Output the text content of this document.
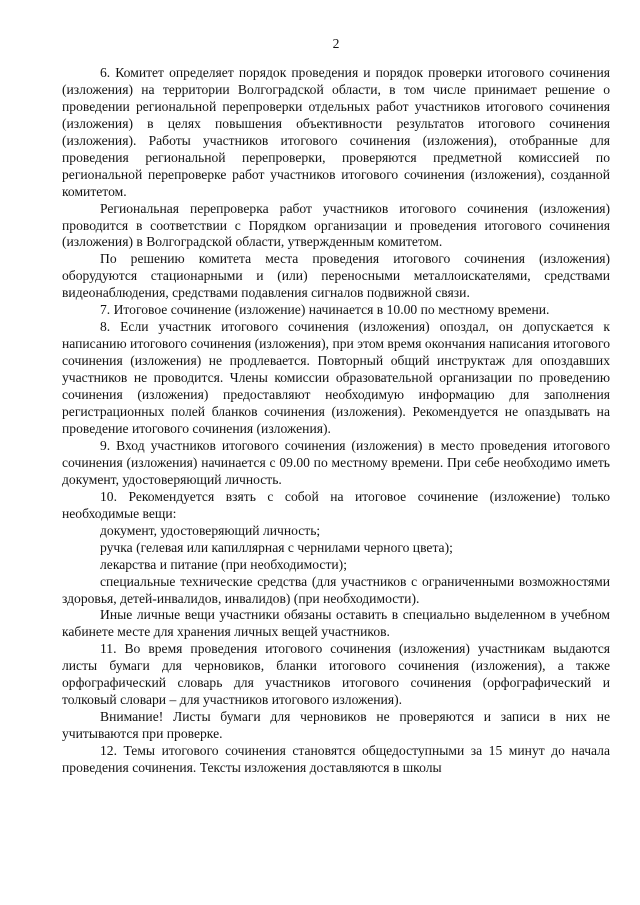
2

6. Комитет определяет порядок проведения и порядок проверки итогового сочинения (изложения) на территории Волгоградской области, в том числе принимает решение о проведении региональной перепроверки отдельных работ участников итогового сочинения (изложения) в целях повышения объективности результатов итогового сочинения (изложения). Работы участников итогового сочинения (изложения), отобранные для проведения региональной перепроверки, проверяются предметной комиссией по региональной перепроверке работ участников итогового сочинения (изложения), созданной комитетом.

Региональная перепроверка работ участников итогового сочинения (изложения) проводится в соответствии с Порядком организации и проведения итогового сочинения (изложения) в Волгоградской области, утвержденным комитетом.

По решению комитета места проведения итогового сочинения (изложения) оборудуются стационарными и (или) переносными металлоискателями, средствами видеонаблюдения, средствами подавления сигналов подвижной связи.

7. Итоговое сочинение (изложение) начинается в 10.00 по местному времени.

8. Если участник итогового сочинения (изложения) опоздал, он допускается к написанию итогового сочинения (изложения), при этом время окончания написания итогового сочинения (изложения) не продлевается. Повторный общий инструктаж для опоздавших участников не проводится. Члены комиссии образовательной организации по проведению сочинения (изложения) предоставляют необходимую информацию для заполнения регистрационных полей бланков сочинения (изложения). Рекомендуется не опаздывать на проведение итогового сочинения (изложения).

9. Вход участников итогового сочинения (изложения) в место проведения итогового сочинения (изложения) начинается с 09.00 по местному времени. При себе необходимо иметь документ, удостоверяющий личность.

10. Рекомендуется взять с собой на итоговое сочинение (изложение) только необходимые вещи:

документ, удостоверяющий личность;

ручка (гелевая или капиллярная с чернилами черного цвета);

лекарства и питание (при необходимости);

специальные технические средства (для участников с ограниченными возможностями здоровья, детей-инвалидов, инвалидов) (при необходимости).

Иные личные вещи участники обязаны оставить в специально выделенном в учебном кабинете месте для хранения личных вещей участников.

11. Во время проведения итогового сочинения (изложения) участникам выдаются листы бумаги для черновиков, бланки итогового сочинения (изложения), а также орфографический словарь для участников итогового сочинения (орфографический и толковый словари – для участников итогового изложения).

Внимание! Листы бумаги для черновиков не проверяются и записи в них не учитываются при проверке.

12. Темы итогового сочинения становятся общедоступными за 15 минут до начала проведения сочинения. Тексты изложения доставляются в школы
